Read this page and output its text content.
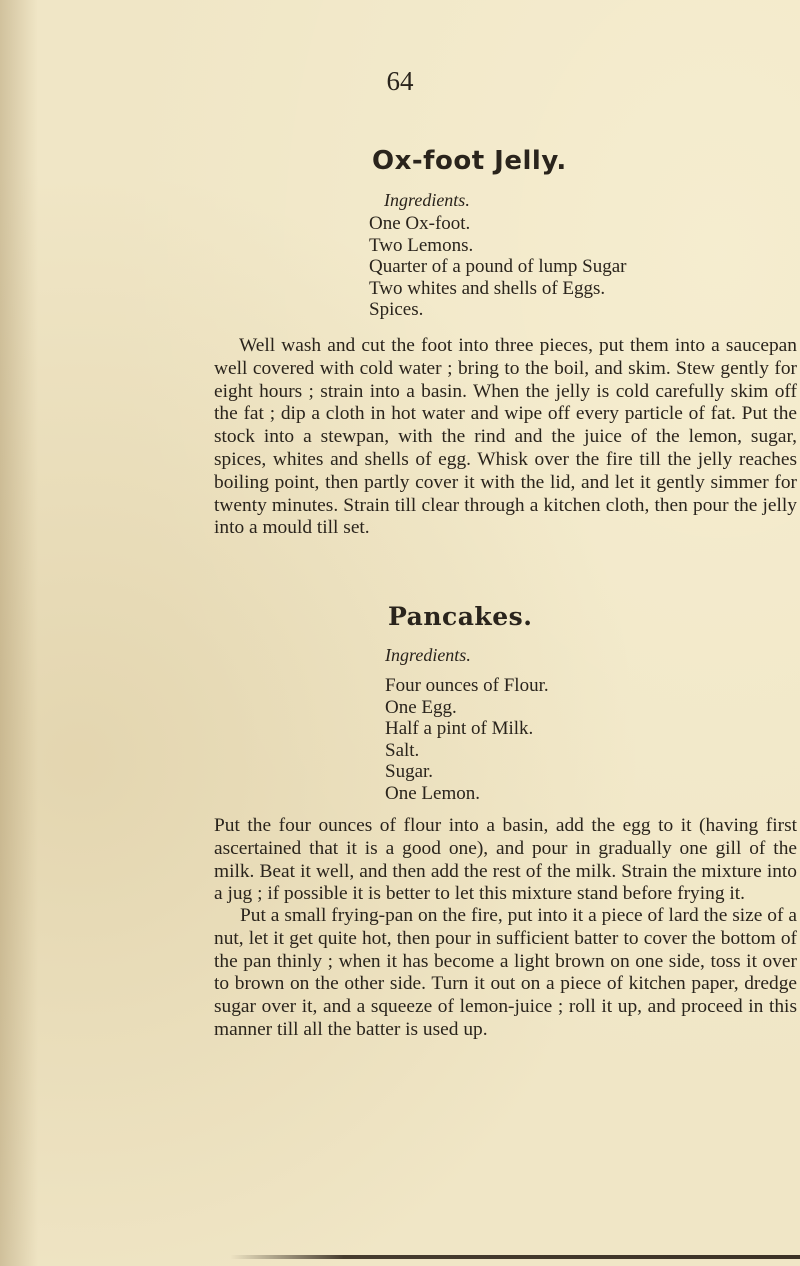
64
Ox-foot Jelly.

Ingredients.

One Ox-foot.
Two Lemons.
Quarter of a pound of lump Sugar
Two whites and shells of Eggs.
Spices.

Well wash and cut the foot into three pieces, put them into a saucepan well covered with cold water ; bring to the boil, and skim. Stew gently for eight hours ; strain into a basin. When the jelly is cold carefully skim off the fat ; dip a cloth in hot water and wipe off every particle of fat. Put the stock into a stewpan, with the rind and the juice of the lemon, sugar, spices, whites and shells of egg. Whisk over the fire till the jelly reaches boiling point, then partly cover it with the lid, and let it gently simmer for twenty minutes. Strain till clear through a kitchen cloth, then pour the jelly into a mould till set.

Pancakes.

Ingredients.

Four ounces of Flour.
One Egg.
Half a pint of Milk.
Salt.
Sugar.
One Lemon.

Put the four ounces of flour into a basin, add the egg to it (having first ascertained that it is a good one), and pour in gradually one gill of the milk. Beat it well, and then add the rest of the milk. Strain the mixture into a jug ; if possible it is better to let this mixture stand before frying it.

Put a small frying-pan on the fire, put into it a piece of lard the size of a nut, let it get quite hot, then pour in sufficient batter to cover the bottom of the pan thinly ; when it has become a light brown on one side, toss it over to brown on the other side. Turn it out on a piece of kitchen paper, dredge sugar over it, and a squeeze of lemon-juice ; roll it up, and proceed in this manner till all the batter is used up.
